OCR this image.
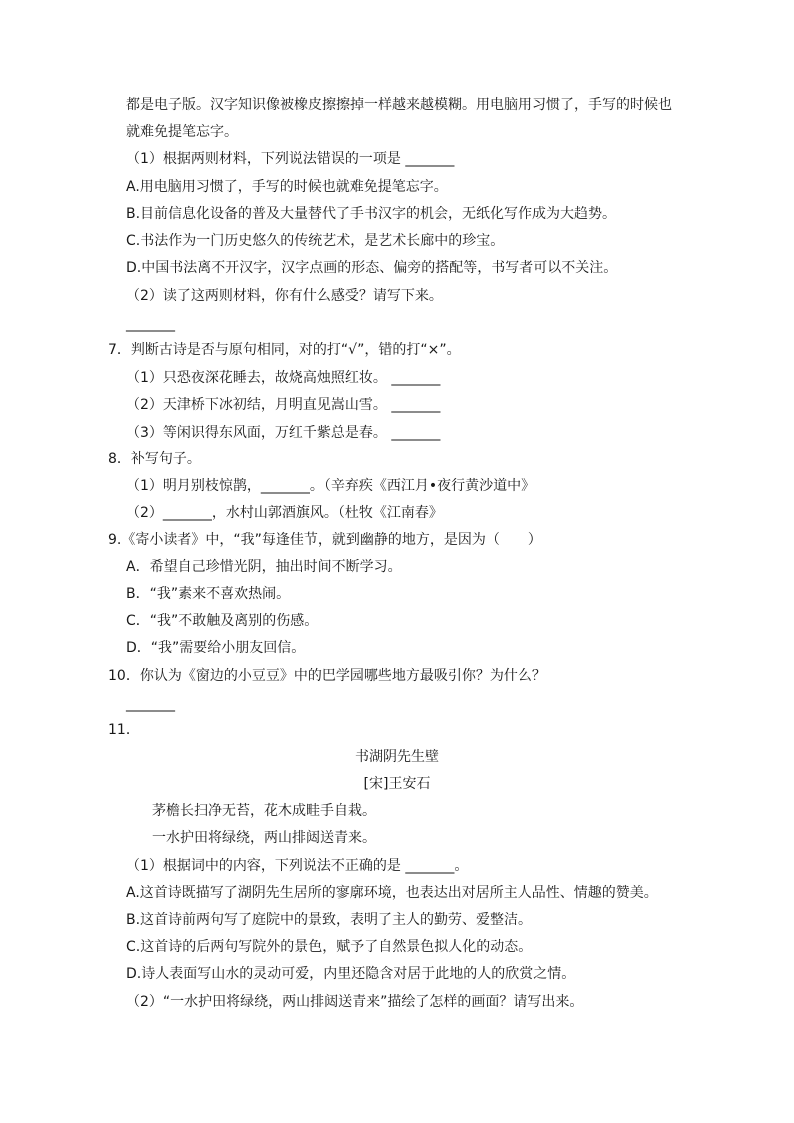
都是电子版。汉字知识像被橡皮擦擦掉一样越来越模糊。用电脑用习惯了，手写的时候也
就难免提笔忘字。
（1）根据两则材料，下列说法错误的一项是 _______
A.用电脑用习惯了，手写的时候也就难免提笔忘字。
B.目前信息化设备的普及大量替代了手书汉字的机会，无纸化写作成为大趋势。
C.书法作为一门历史悠久的传统艺术，是艺术长廊中的珍宝。
D.中国书法离不开汉字，汉字点画的形态、偏旁的搭配等，书写者可以不关注。
（2）读了这两则材料，你有什么感受？请写下来。
_______
7．判断古诗是否与原句相同，对的打“√”，错的打“×”。
（1）只恐夜深花睡去，故烧高烛照红妆。 _______
（2）天津桥下冰初结，月明直见嵩山雪。 _______
（3）等闲识得东风面，万红千紫总是春。 _______
8．补写句子。
（1）明月别枝惊鹊，_______。（辛弃疾《西江月•夜行黄沙道中》
（2）_______，水村山郭酒旗风。（杜牧《江南春》
9.《寄小读者》中，“我”每逢佳节，就到幽静的地方，是因为（　　）
A．希望自己珍惜光阴，抽出时间不断学习。
B．“我”素来不喜欢热闹。
C．“我”不敢触及离别的伤感。
D．“我”需要给小朋友回信。
10．你认为《窗边的小豆豆》中的巴学园哪些地方最吸引你？为什么？
_______
11．
书湖阴先生壁
[宋]王安石
茅檐长扫净无苔，花木成畦手自栽。
一水护田将绿绕，两山排闼送青来。
（1）根据词中的内容，下列说法不正确的是 _______。
A.这首诗既描写了湖阴先生居所的寥廓环境，也表达出对居所主人品性、情趣的赞美。
B.这首诗前两句写了庭院中的景致，表明了主人的勤劳、爱整洁。
C.这首诗的后两句写院外的景色，赋予了自然景色拟人化的动态。
D.诗人表面写山水的灵动可爱，内里还隐含对居于此地的人的欣赏之情。
（2）“一水护田将绿绕，两山排闼送青来”描绘了怎样的画面？请写出来。
